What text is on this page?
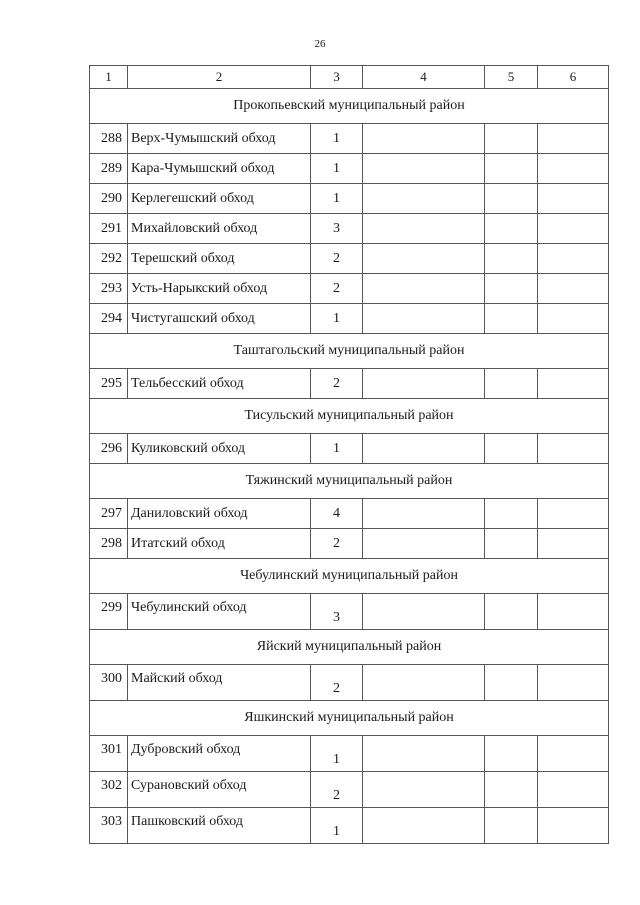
26
1	2	3	4	5	6
Прокопьевский муниципальный район					
288	Верх-Чумышский обход	1			
289	Кара-Чумышский обход	1			
290	Керлегешский обход	1			
291	Михайловский обход	3			
292	Терешский обход	2			
293	Усть-Нарыкский обход	2			
294	Чистугашский обход	1			
Таштагольский муниципальный район					
295	Тельбесский обход	2			
Тисульский муниципальный район					
296	Куликовский обход	1			
Тяжинский муниципальный район					
297	Даниловский обход	4			
298	Итатский обход	2			
Чебулинский муниципальный район					
299	Чебулинский обход	3			
Яйский муниципальный район					
300	Майский обход	2			
Яшкинский муниципальный район					
301	Дубровский обход	1			
302	Сурановский обход	2			
303	Пашковский обход	1			
